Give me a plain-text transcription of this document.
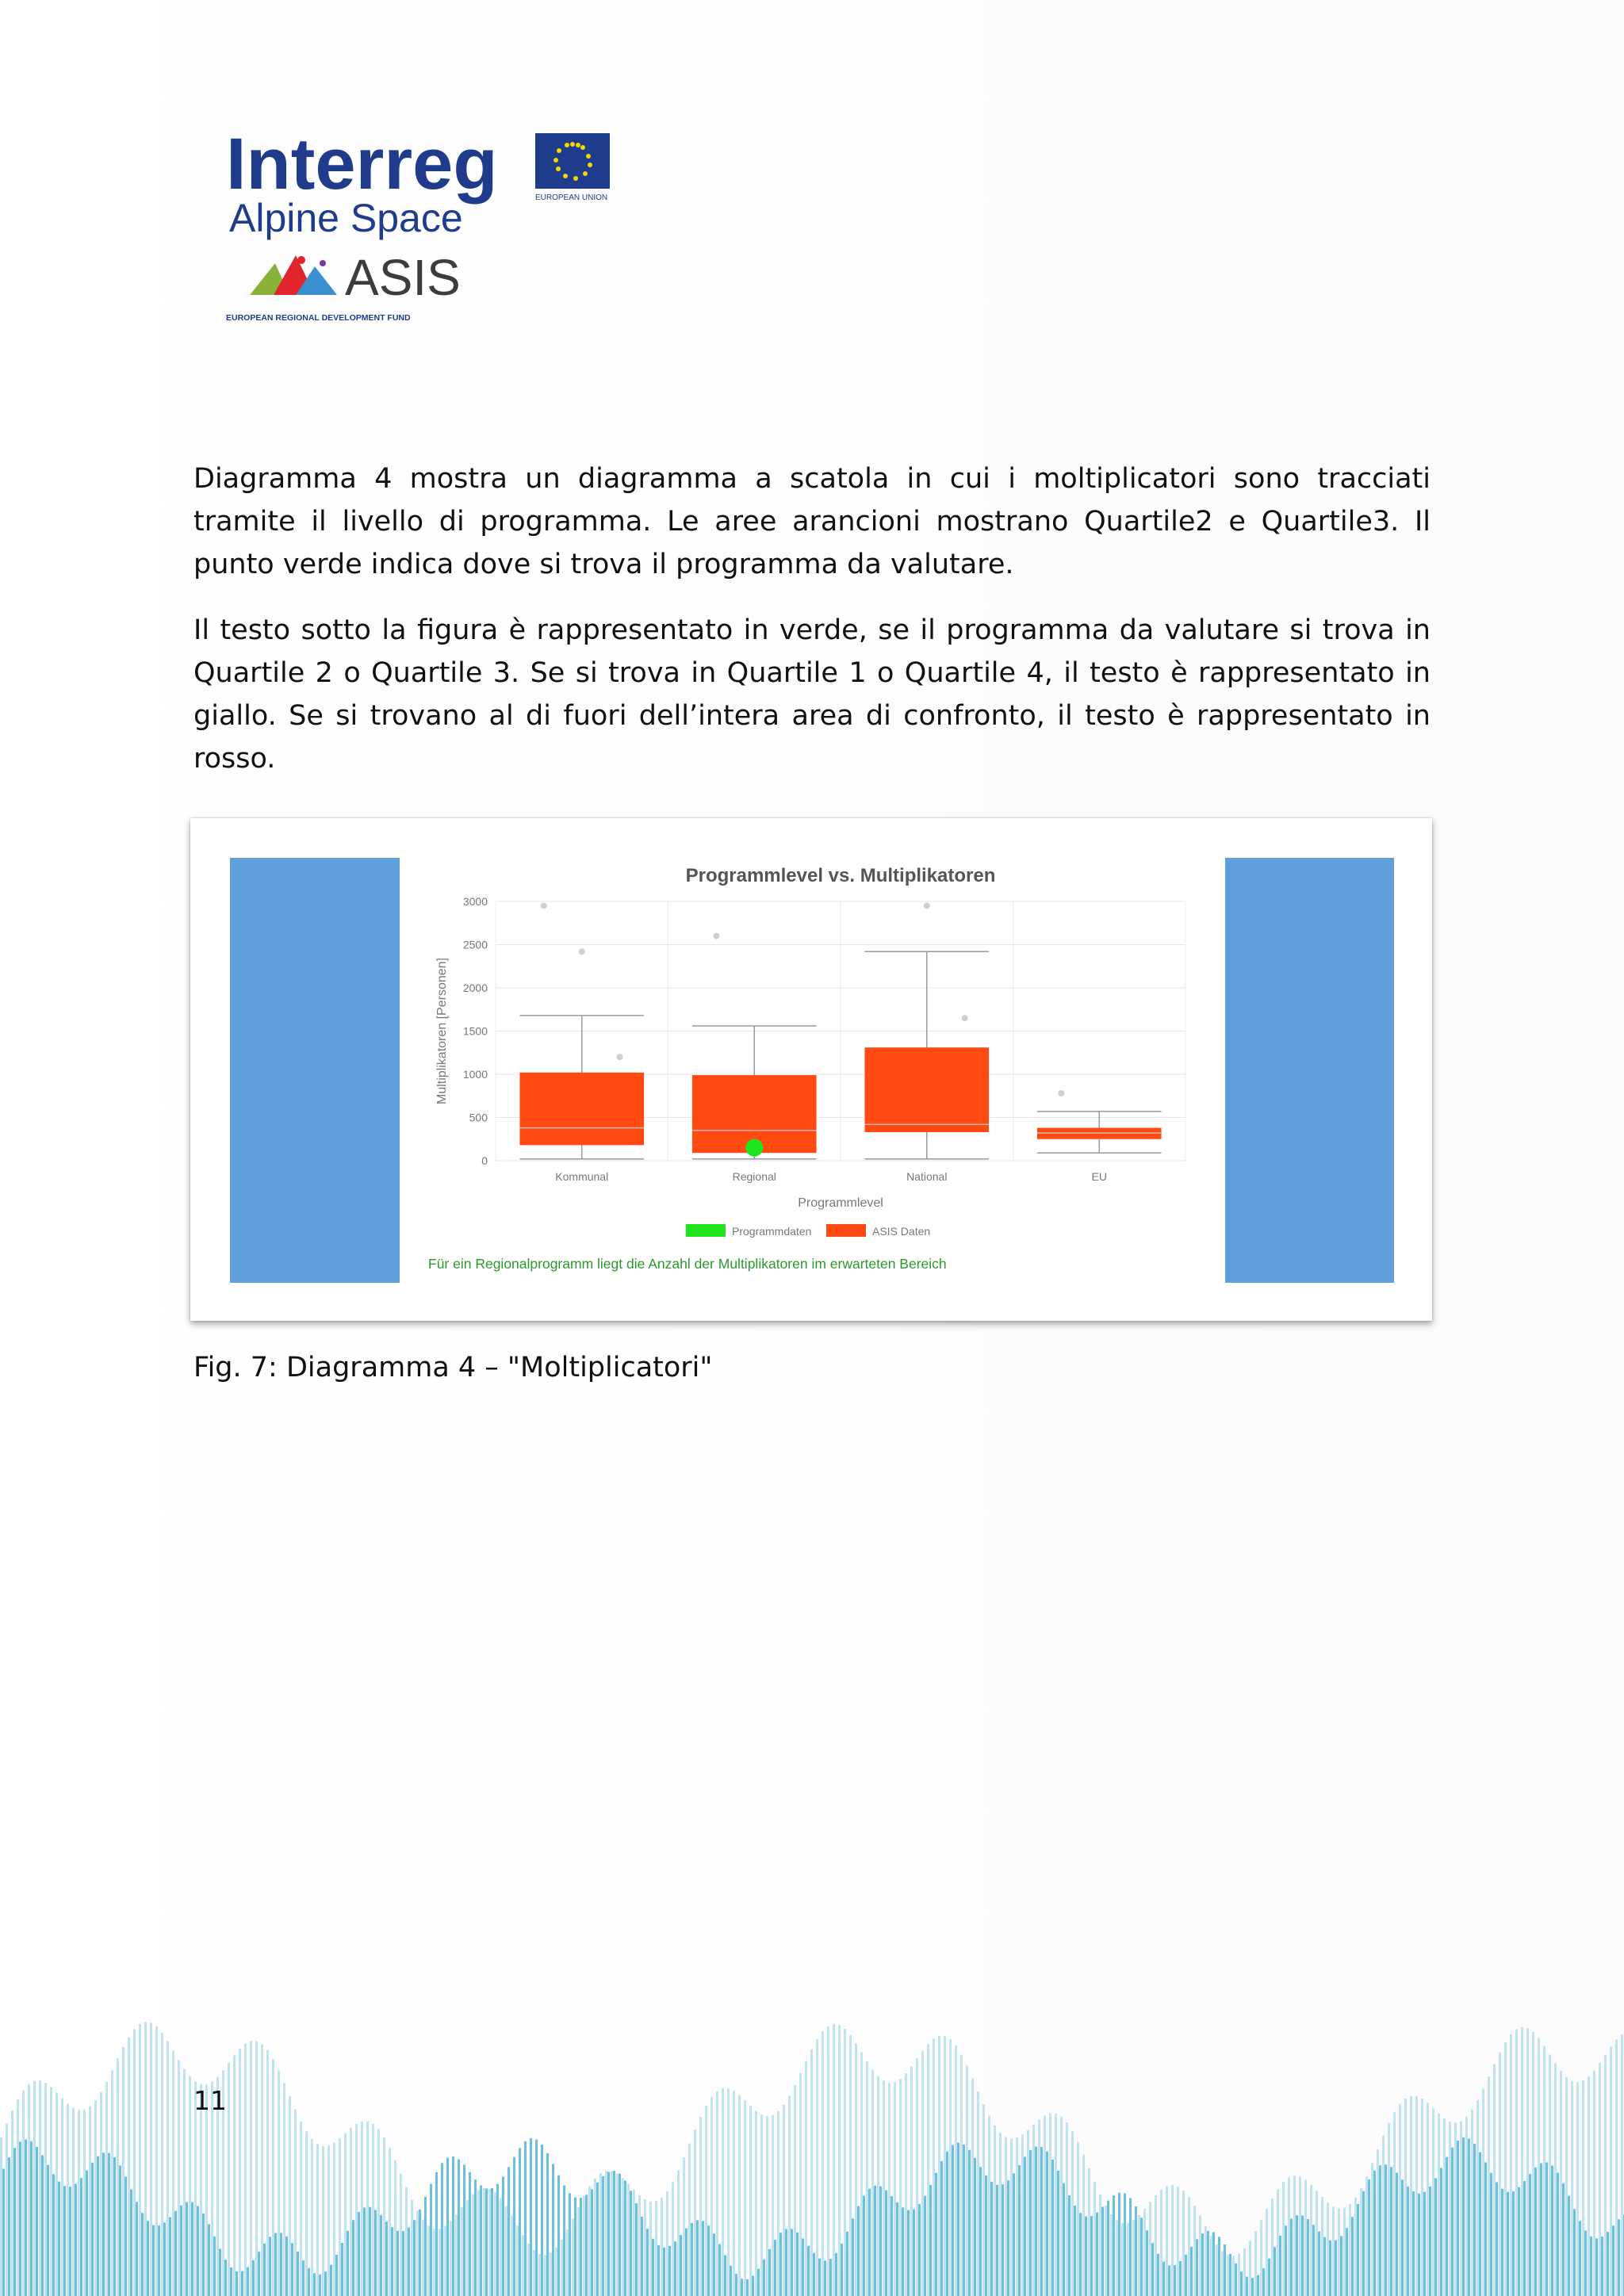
Interreg	EUROPEAN UNION
Alpine Space
ASIS
EUROPEAN REGIONAL DEVELOPMENT FUND

Diagramma 4 mostra un diagramma a scatola in cui i moltiplicatori sono tracciati tramite il livello di programma. Le aree arancioni mostrano Quartile2 e Quartile3. Il punto verde indica dove si trova il programma da valutare.

Il testo sotto la figura è rappresentato in verde, se il programma da valutare si trova in Quartile 2 o Quartile 3. Se si trova in Quartile 1 o Quartile 4, il testo è rappresentato in giallo. Se si trovano al di fuori dell’intera area di confronto, il testo è rappresentato in rosso.

Programmlevel vs. Multiplikatoren
0
500
1000
1500
2000
2500
3000
Multiplikatoren [Personen]
Kommunal	Regional	National	EU
Programmlevel
Programmdaten	ASIS Daten
Für ein Regionalprogramm liegt die Anzahl der Multiplikatoren im erwarteten Bereich

Fig. 7: Diagramma 4 – "Moltiplicatori"

11
